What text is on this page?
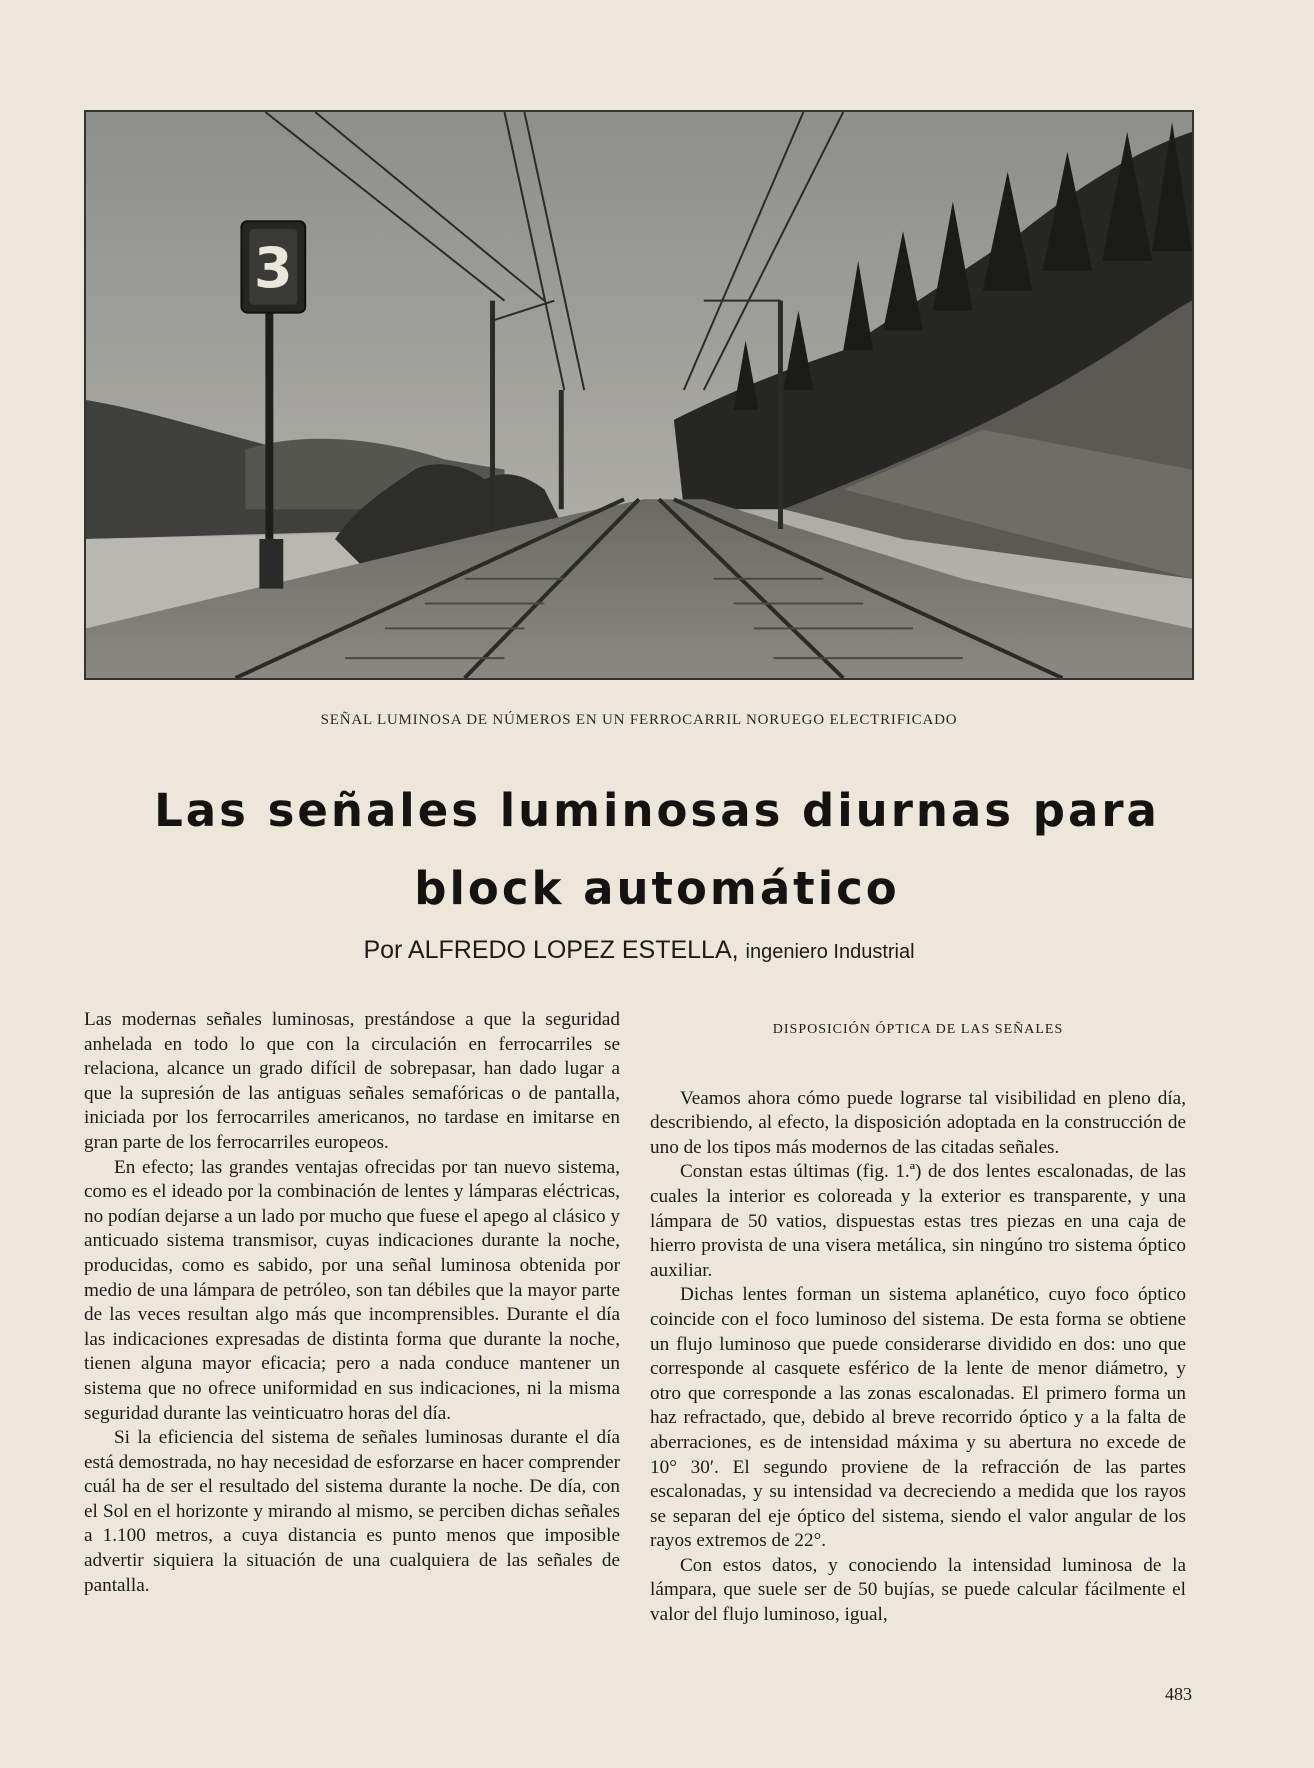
3
SEÑAL LUMINOSA DE NÚMEROS EN UN FERROCARRIL NORUEGO ELECTRIFICADO
Las señales luminosas diurnas para block automático
Por ALFREDO LOPEZ ESTELLA, ingeniero Industrial

Las modernas señales luminosas, prestándose a que la seguridad anhelada en todo lo que con la circulación en ferrocarriles se relaciona, alcance un grado difícil de sobrepasar, han dado lugar a que la supresión de las antiguas señales semafóricas o de pantalla, iniciada por los ferrocarriles americanos, no tardase en imitarse en gran parte de los ferrocarriles europeos.

En efecto; las grandes ventajas ofrecidas por tan nuevo sistema, como es el ideado por la combinación de lentes y lámparas eléctricas, no podían dejarse a un lado por mucho que fuese el apego al clásico y anticuado sistema transmisor, cuyas indicaciones durante la noche, producidas, como es sabido, por una señal luminosa obtenida por medio de una lámpara de petróleo, son tan débiles que la mayor parte de las veces resultan algo más que incomprensibles. Durante el día las indicaciones expresadas de distinta forma que durante la noche, tienen alguna mayor eficacia; pero a nada conduce mantener un sistema que no ofrece uniformidad en sus indicaciones, ni la misma seguridad durante las veinticuatro horas del día.

Si la eficiencia del sistema de señales luminosas durante el día está demostrada, no hay necesidad de esforzarse en hacer comprender cuál ha de ser el resultado del sistema durante la noche. De día, con el Sol en el horizonte y mirando al mismo, se perciben dichas señales a 1.100 metros, a cuya distancia es punto menos que imposible advertir siquiera la situación de una cualquiera de las señales de pantalla.

DISPOSICIÓN ÓPTICA DE LAS SEÑALES

Veamos ahora cómo puede lograrse tal visibilidad en pleno día, describiendo, al efecto, la disposición adoptada en la construcción de uno de los tipos más modernos de las citadas señales.

Constan estas últimas (fig. 1.ª) de dos lentes escalonadas, de las cuales la interior es coloreada y la exterior es transparente, y una lámpara de 50 vatios, dispuestas estas tres piezas en una caja de hierro provista de una visera metálica, sin ningúno tro sistema óptico auxiliar.

Dichas lentes forman un sistema aplanético, cuyo foco óptico coincide con el foco luminoso del sistema. De esta forma se obtiene un flujo luminoso que puede considerarse dividido en dos: uno que corresponde al casquete esférico de la lente de menor diámetro, y otro que corresponde a las zonas escalonadas. El primero forma un haz refractado, que, debido al breve recorrido óptico y a la falta de aberraciones, es de intensidad máxima y su abertura no excede de 10° 30′. El segundo proviene de la refracción de las partes escalonadas, y su intensidad va decreciendo a medida que los rayos se separan del eje óptico del sistema, siendo el valor angular de los rayos extremos de 22°.

Con estos datos, y conociendo la intensidad luminosa de la lámpara, que suele ser de 50 bujías, se puede calcular fácilmente el valor del flujo luminoso, igual,

483
